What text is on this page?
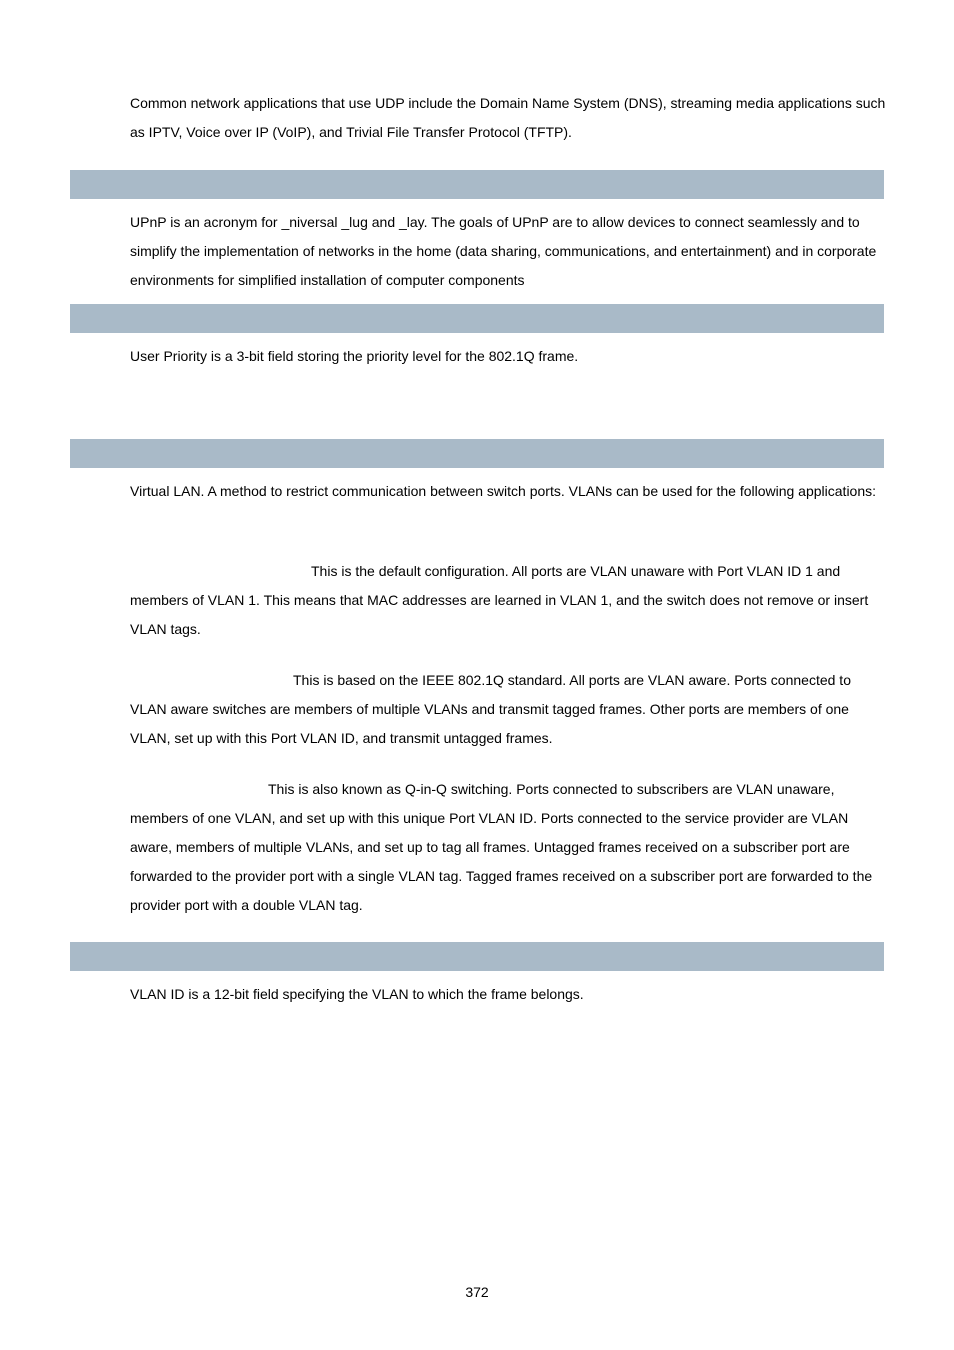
Common network applications that use UDP include the Domain Name System (DNS), streaming media applications such as IPTV, Voice over IP (VoIP), and Trivial File Transfer Protocol (TFTP).

UPnP is an acronym for _niversal _lug and _lay. The goals of UPnP are to allow devices to connect seamlessly and to simplify the implementation of networks in the home (data sharing, communications, and entertainment) and in corporate environments for simplified installation of computer components

User Priority is a 3-bit field storing the priority level for the 802.1Q frame.

Virtual LAN. A method to restrict communication between switch ports. VLANs can be used for the following applications:

This is the default configuration. All ports are VLAN unaware with Port VLAN ID 1 and members of VLAN 1. This means that MAC addresses are learned in VLAN 1, and the switch does not remove or insert VLAN tags.

This is based on the IEEE 802.1Q standard. All ports are VLAN aware. Ports connected to VLAN aware switches are members of multiple VLANs and transmit tagged frames. Other ports are members of one VLAN, set up with this Port VLAN ID, and transmit untagged frames.

This is also known as Q-in-Q switching. Ports connected to subscribers are VLAN unaware, members of one VLAN, and set up with this unique Port VLAN ID. Ports connected to the service provider are VLAN aware, members of multiple VLANs, and set up to tag all frames. Untagged frames received on a subscriber port are forwarded to the provider port with a single VLAN tag. Tagged frames received on a subscriber port are forwarded to the provider port with a double VLAN tag.

VLAN ID is a 12-bit field specifying the VLAN to which the frame belongs.

372
